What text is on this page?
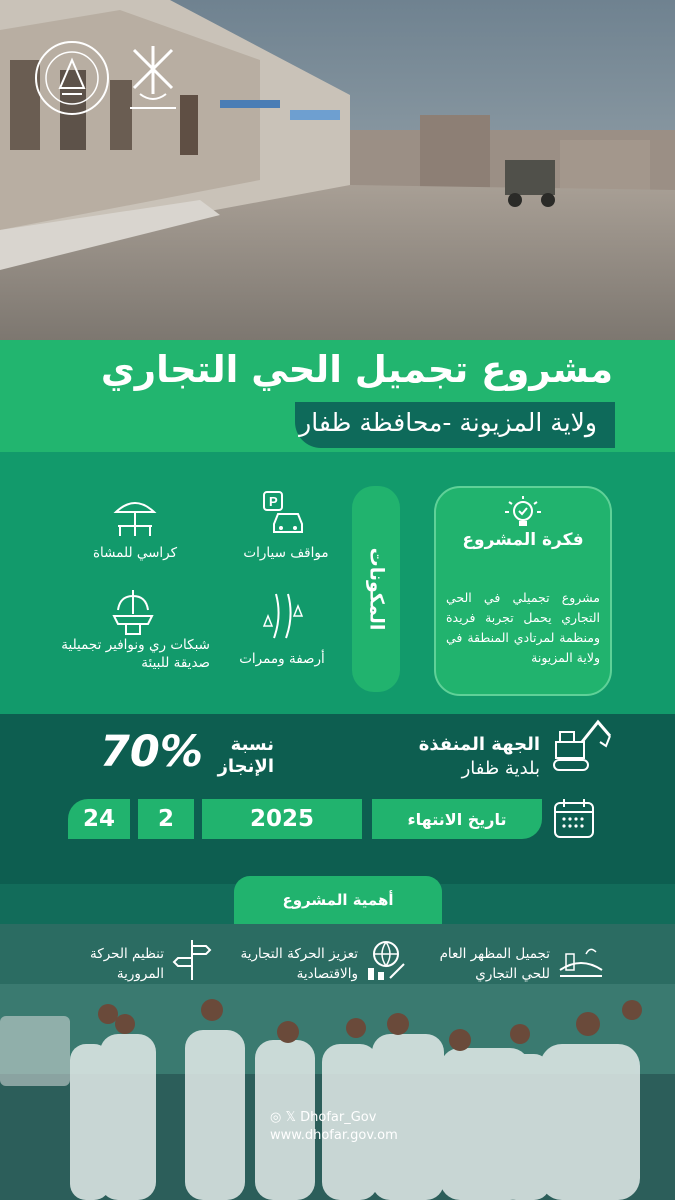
مشروع تجميل الحي التجاري
ولاية المزيونة -محافظة ظفار
فكرة المشروع
مشروع تجميلي في الحي التجاري يحمل تجربة فريدة ومنظمة لمرتادي المنطقة في ولاية المزيونة
المكونات
P
مواقف سيارات
كراسي للمشاة
أرصفة وممرات
شبكات ري ونوافير تجميلية صديقة للبيئة
الجهة المنفذة
بلدية ظفار
نسبة الإنجاز
70%
تاريخ الانتهاء
2025
2
24
أهمية المشروع
تجميل المظهر العام للحي التجاري
تعزيز الحركة التجارية والاقتصادية
تنظيم الحركة المرورية
◎ 𝕏 Dhofar_Gov
www.dhofar.gov.om
